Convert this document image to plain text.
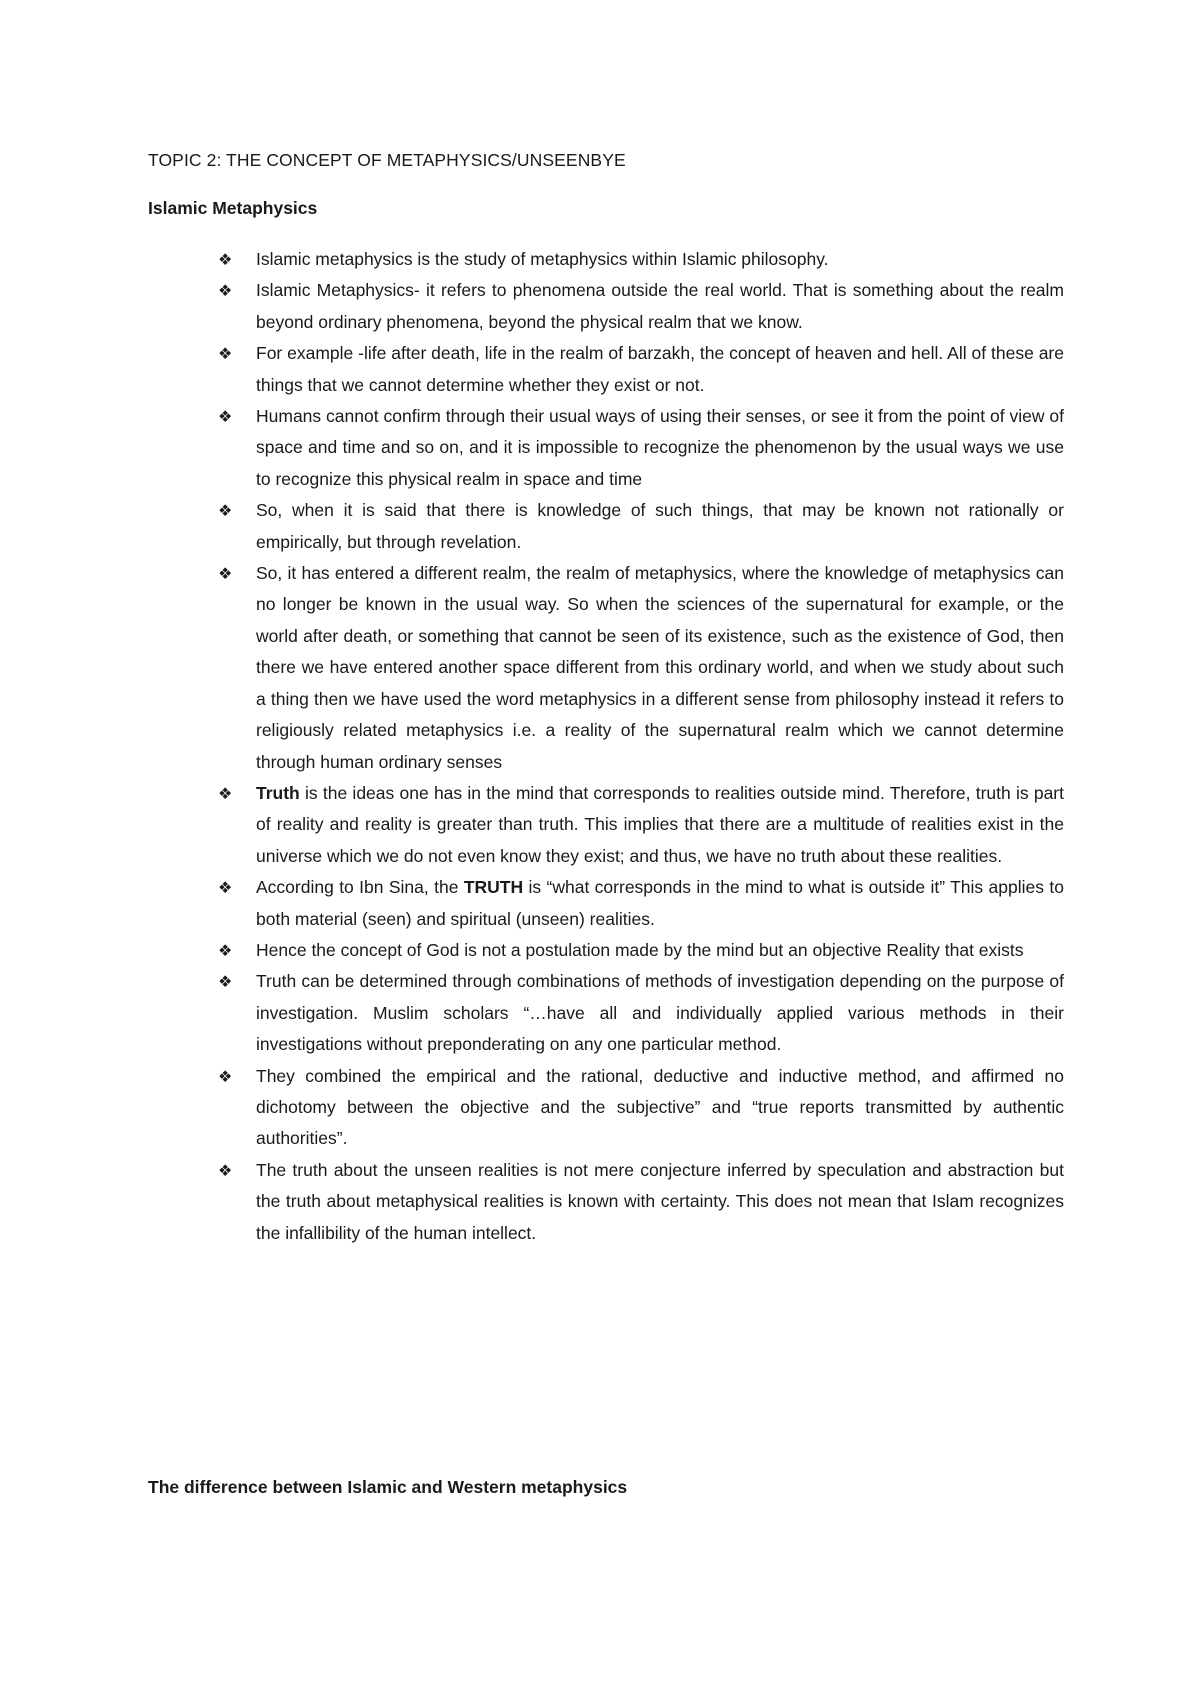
TOPIC 2: THE CONCEPT OF METAPHYSICS/UNSEENBYE

Islamic Metaphysics

❖ Islamic metaphysics is the study of metaphysics within Islamic philosophy.
❖ Islamic Metaphysics- it refers to phenomena outside the real world. That is something about the realm beyond ordinary phenomena, beyond the physical realm that we know.
❖ For example -life after death, life in the realm of barzakh, the concept of heaven and hell. All of these are things that we cannot determine whether they exist or not.
❖ Humans cannot confirm through their usual ways of using their senses, or see it from the point of view of space and time and so on, and it is impossible to recognize the phenomenon by the usual ways we use to recognize this physical realm in space and time
❖ So, when it is said that there is knowledge of such things, that may be known not rationally or empirically, but through revelation.
❖ So, it has entered a different realm, the realm of metaphysics, where the knowledge of metaphysics can no longer be known in the usual way. So when the sciences of the supernatural for example, or the world after death, or something that cannot be seen of its existence, such as the existence of God, then there we have entered another space different from this ordinary world, and when we study about such a thing then we have used the word metaphysics in a different sense from philosophy instead it refers to religiously related metaphysics i.e. a reality of the supernatural realm which we cannot determine through human ordinary senses
❖ Truth is the ideas one has in the mind that corresponds to realities outside mind. Therefore, truth is part of reality and reality is greater than truth. This implies that there are a multitude of realities exist in the universe which we do not even know they exist; and thus, we have no truth about these realities.
❖ According to Ibn Sina, the TRUTH is “what corresponds in the mind to what is outside it” This applies to both material (seen) and spiritual (unseen) realities.
❖ Hence the concept of God is not a postulation made by the mind but an objective Reality that exists
❖ Truth can be determined through combinations of methods of investigation depending on the purpose of investigation. Muslim scholars “…have all and individually applied various methods in their investigations without preponderating on any one particular method.
❖ They combined the empirical and the rational, deductive and inductive method, and affirmed no dichotomy between the objective and the subjective” and “true reports transmitted by authentic authorities”.
❖ The truth about the unseen realities is not mere conjecture inferred by speculation and abstraction but the truth about metaphysical realities is known with certainty. This does not mean that Islam recognizes the infallibility of the human intellect.

The difference between Islamic and Western metaphysics
